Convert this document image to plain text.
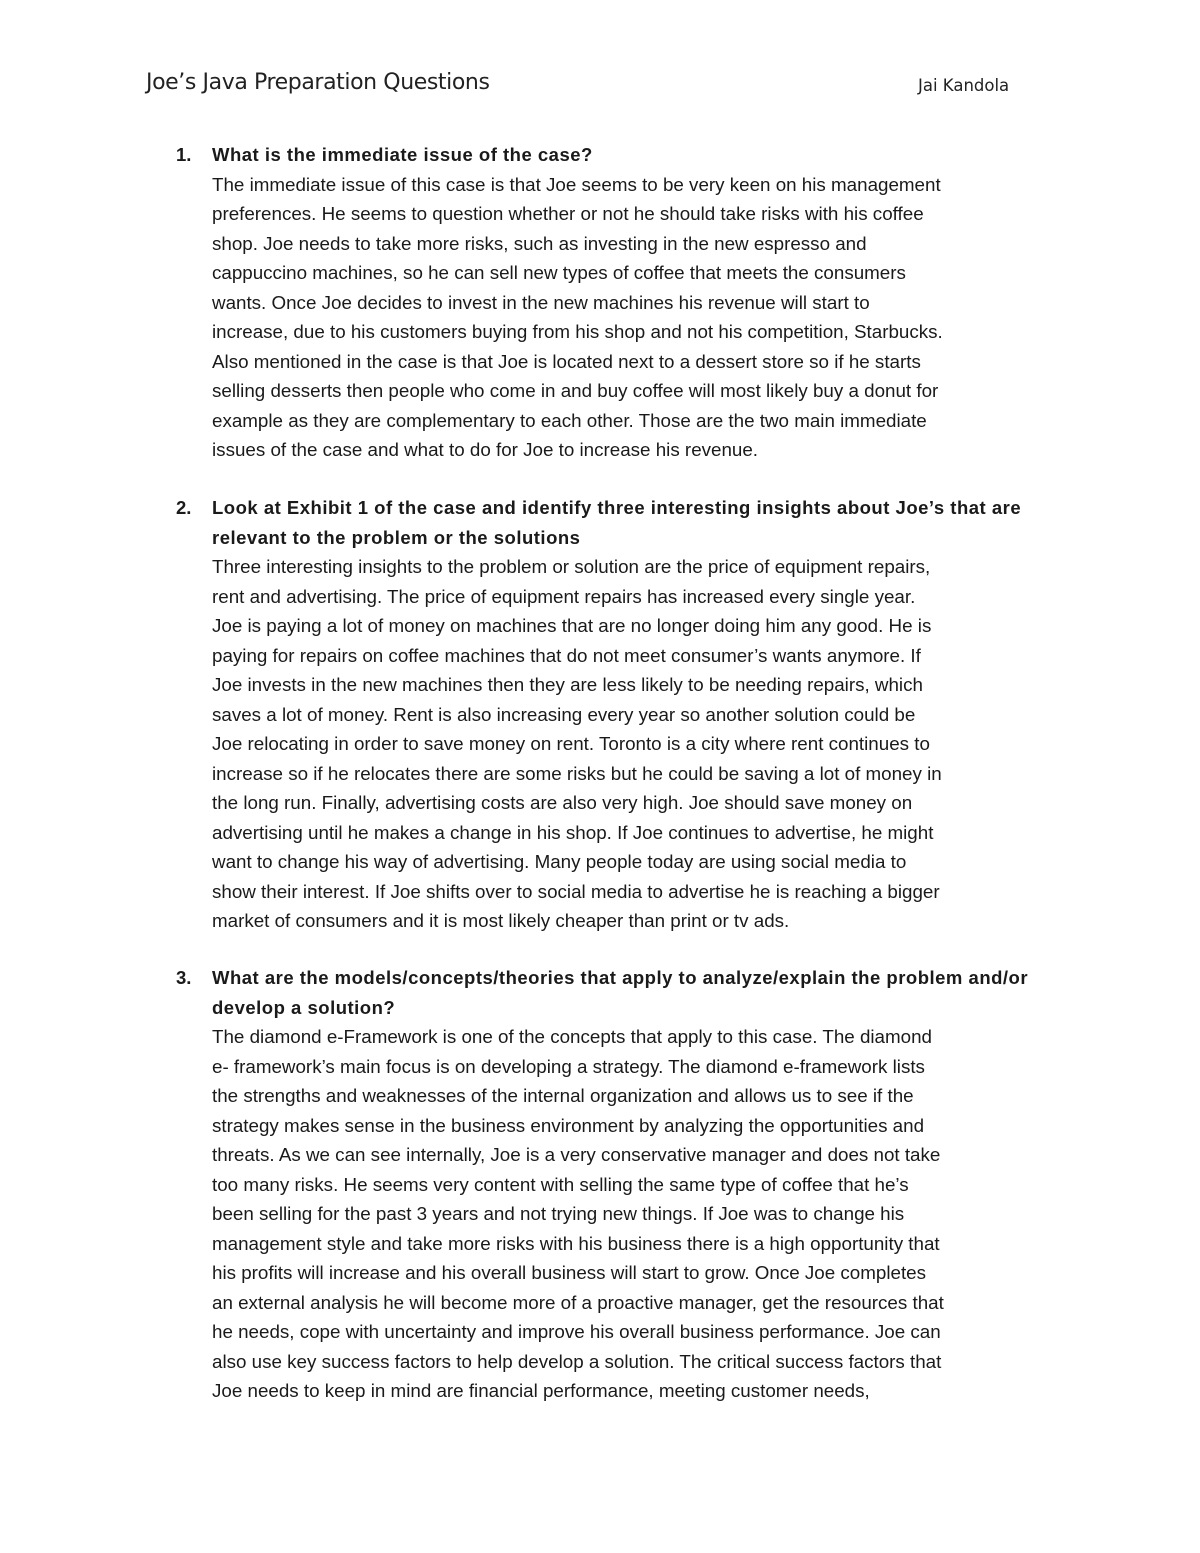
Joe’s Java Preparation Questions	Jai Kandola
1. What is the immediate issue of the case?
The immediate issue of this case is that Joe seems to be very keen on his management
preferences. He seems to question whether or not he should take risks with his coffee
shop. Joe needs to take more risks, such as investing in the new espresso and
cappuccino machines, so he can sell new types of coffee that meets the consumers
wants. Once Joe decides to invest in the new machines his revenue will start to
increase, due to his customers buying from his shop and not his competition, Starbucks.
Also mentioned in the case is that Joe is located next to a dessert store so if he starts
selling desserts then people who come in and buy coffee will most likely buy a donut for
example as they are complementary to each other. Those are the two main immediate
issues of the case and what to do for Joe to increase his revenue.
2. Look at Exhibit 1 of the case and identify three interesting insights about Joe’s that are relevant to the problem or the solutions
Three interesting insights to the problem or solution are the price of equipment repairs,
rent and advertising. The price of equipment repairs has increased every single year.
Joe is paying a lot of money on machines that are no longer doing him any good. He is
paying for repairs on coffee machines that do not meet consumer’s wants anymore. If
Joe invests in the new machines then they are less likely to be needing repairs, which
saves a lot of money. Rent is also increasing every year so another solution could be
Joe relocating in order to save money on rent. Toronto is a city where rent continues to
increase so if he relocates there are some risks but he could be saving a lot of money in
the long run. Finally, advertising costs are also very high. Joe should save money on
advertising until he makes a change in his shop. If Joe continues to advertise, he might
want to change his way of advertising. Many people today are using social media to
show their interest. If Joe shifts over to social media to advertise he is reaching a bigger
market of consumers and it is most likely cheaper than print or tv ads.
3. What are the models/concepts/theories that apply to analyze/explain the problem and/or develop a solution?
The diamond e-Framework is one of the concepts that apply to this case. The diamond
e- framework’s main focus is on developing a strategy. The diamond e-framework lists
the strengths and weaknesses of the internal organization and allows us to see if the
strategy makes sense in the business environment by analyzing the opportunities and
threats. As we can see internally, Joe is a very conservative manager and does not take
too many risks. He seems very content with selling the same type of coffee that he’s
been selling for the past 3 years and not trying new things. If Joe was to change his
management style and take more risks with his business there is a high opportunity that
his profits will increase and his overall business will start to grow. Once Joe completes
an external analysis he will become more of a proactive manager, get the resources that
he needs, cope with uncertainty and improve his overall business performance. Joe can
also use key success factors to help develop a solution. The critical success factors that
Joe needs to keep in mind are financial performance, meeting customer needs,
